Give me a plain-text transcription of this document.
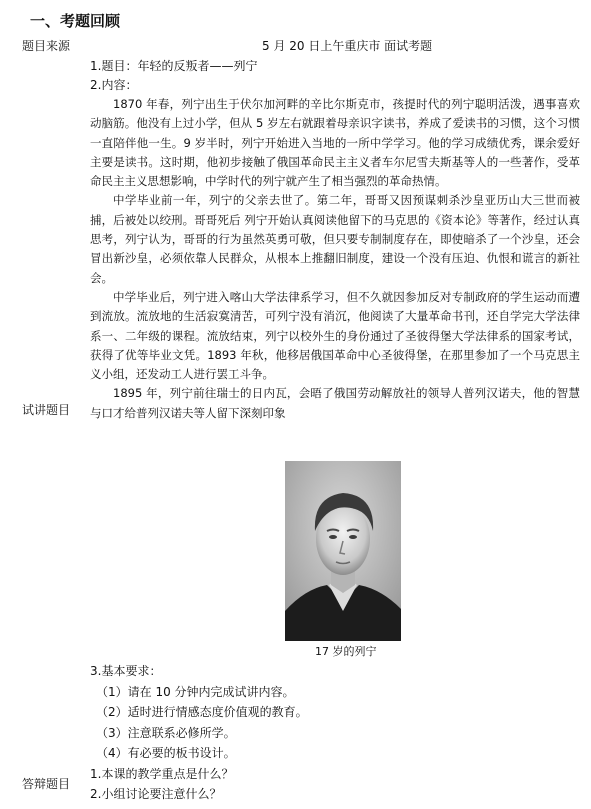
一、考题回顾
题目来源	5 月 20 日上午重庆市 面试考题
1.题目：年轻的反叛者——列宁
2.内容：

1870 年春，列宁出生于伏尔加河畔的辛比尔斯克市，孩提时代的列宁聪明活泼，遇事喜欢动脑筋。他没有上过小学，但从 5 岁左右就跟着母亲识字读书，养成了爱读书的习惯，这个习惯一直陪伴他一生。9 岁半时，列宁开始进入当地的一所中学学习。他的学习成绩优秀，课余爱好主要是读书。这时期，他初步接触了俄国革命民主主义者车尔尼雪夫斯基等人的一些著作，受革命民主主义思想影响，中学时代的列宁就产生了相当强烈的革命热情。

中学毕业前一年，列宁的父亲去世了。第二年，哥哥又因预谋刺杀沙皇亚历山大三世而被捕，后被处以绞刑。哥哥死后 列宁开始认真阅读他留下的马克思的《资本论》等著作，经过认真思考，列宁认为，哥哥的行为虽然英勇可敬，但只要专制制度存在，即使暗杀了一个沙皇，还会冒出新沙皇，必须依靠人民群众，从根本上推翻旧制度，建设一个没有压迫、仇恨和谎言的新社会。

中学毕业后，列宁进入喀山大学法律系学习，但不久就因参加反对专制政府的学生运动而遭到流放。流放地的生活寂寞清苦，可列宁没有消沉，他阅读了大量革命书刊，还自学完大学法律系一、二年级的课程。流放结束，列宁以校外生的身份通过了圣彼得堡大学法律系的国家考试，获得了优等毕业文凭。1893 年秋，他移居俄国革命中心圣彼得堡，在那里参加了一个马克思主义小组，还发动工人进行罢工斗争。

1895 年，列宁前往瑞士的日内瓦，会晤了俄国劳动解放社的领导人普列汉诺夫，他的智慧与口才给普列汉诺夫等人留下深刻印象

试讲题目
17 岁的列宁
3.基本要求：
（1）请在 10 分钟内完成试讲内容。
（2）适时进行情感态度价值观的教育。
（3）注意联系必修所学。
（4）有必要的板书设计。
答辩题目
1.本课的教学重点是什么？
2.小组讨论要注意什么？
